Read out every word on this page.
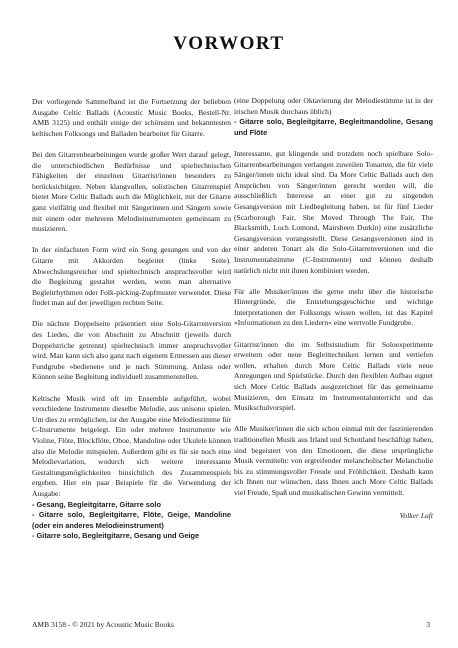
VORWORT

Der vorliegende Sammelband ist die Fortsetzung der beliebten Ausgabe Celtic Ballads (Acoustic Music Books, Bestell-Nr. AMB 3125) und enthält einige der schönsten und bekanntesten keltischen Folksongs und Balladen bearbeitet für Gitarre.

Bei den Gitarrenbearbeitungen wurde großer Wert darauf gelegt, die unterschiedlichen Bedürfnisse und spieltechnischen Fähigkeiten der einzelnen Gitarrist/innen besonders zu berücksichtigen. Neben klangvollen, solistischen Gitarrenspiel bietet More Celtic Ballads auch die Möglichkeit, mit der Gitarre ganz vielfältig und flexibel mit Sängerinnen und Sängern sowie mit einem oder mehreren Melodieinstrumenten gemeinsam zu musizieren.

In der einfachsten Form wird ein Song gesungen und von der Gitarre mit Akkorden begleitet (linke Seite). Abwechslungsreicher und spieltechnisch anspruchsvoller wird die Begleitung gestaltet werden, wenn man alternative Begleitrhythmen oder Folk-picking-Zupfmuster verwendet. Diese findet man auf der jeweiligen rechten Seite.

Die nächste Doppelseite präsentiert eine Solo-Gitarrenversion des Liedes, die von Abschnitt zu Abschnitt (jeweils durch Doppelstriche getrennt) spieltechnisch immer anspruchsvoller wird. Man kann sich also ganz nach eigenem Ermessen aus dieser Fundgrube »bedienen« und je nach Stimmung, Anlass oder Können seine Begleitung individuell zusammenstellen.

Keltische Musik wird oft im Ensemble aufgeführt, wobei verschiedene Instrumente dieselbe Melodie, aus unisono spielen. Um dies zu ermöglichen, ist der Ausgabe eine Melodiestimme für C-Instrumente beigelegt. Ein oder mehrere Instrumente wie Violine, Flöte, Blockflöte, Oboe, Mandoline oder Ukulele können also die Melodie mitspielen. Außerdem gibt es für sie noch eine Melodievariation, wodurch sich weitere interessante Gestaltungsmöglichkeiten hinsichtlich des Zusammenspiels ergeben. Hier ein paar Beispiele für die Verwendung der Ausgabe:

- Gesang, Begleitgitarre, Gitarre solo
- Gitarre solo, Begleitgitarre, Flöte, Geige, Mandoline (oder ein anderes Melodieinstrument)
- Gitarre solo, Begleitgitarre, Gesang und Geige

(eine Doppelung oder Oktavierung der Melodiestimme ist in der irischen Musik durchaus üblich)

- Gitarre solo, Begleitgitarre, Begleitmandoline, Gesang und Flöte

Interessante, gut klingende und trotzdem noch spielbare Solo-Gitarrenbearbeitungen verlangen zuweilen Tonarten, die für viele Sänger/innen nicht ideal sind. Da More Celtic Ballads auch den Ansprüchen von Sänger/innen gerecht werden will, die ausschließlich Interesse an einer gut zu singenden Gesangsversion mit Liedbegleitung haben, ist für fünf Lieder (Scarborough Fair, She Moved Through The Fair, The Blacksmith, Loch Lomond, Mairsheen Durkin) eine zusätzliche Gesangsversion vorangestellt. Diese Gesangsversionen sind in einer anderen Tonart als die Solo-Gitarrenversionen und die Instrumentalstimme (C-Instrumente) und können deshalb natürlich nicht mit ihnen kombiniert werden.

Für alle Musiker/innen die gerne mehr über die historische Hintergründe, die Entstehungsgeschichte und wichtige Interpretationen der Folksongs wissen wollen, ist das Kapitel »Informationen zu den Liedern« eine wertvolle Fundgrube.

Gitarrist/innen die im Selbststudium für Soloexperimente erweitern oder neue Begleittechniken lernen und vertiefen wollen, erhalten durch More Celtic Ballads viele neue Anregungen und Spielstücke. Durch den flexiblen Aufbau eignet sich More Celtic Ballads ausgezeichnet für das gemeinsame Musizieren, den Einsatz im Instrumentalunterricht und das Musikschulvorspiel.

Alle Musiker/innen die sich schon einmal mit der faszinierenden traditionellen Musik aus Irland und Schottland beschäftigt haben, sind begeistert von den Emotionen, die diese ursprüngliche Musik vermitteln: von ergreifender melancholischer Melancholie bis zu stimmungsvoller Freude und Fröhlichkeit. Deshalb kann ich Ihnen nur wünschen, dass Ihnen auch More Celtic Ballads viel Freude, Spaß und musikalischen Gewinn vermittelt.

Volker Luft
AMB 3158 - © 2021 by Acoustic Music Books	3
